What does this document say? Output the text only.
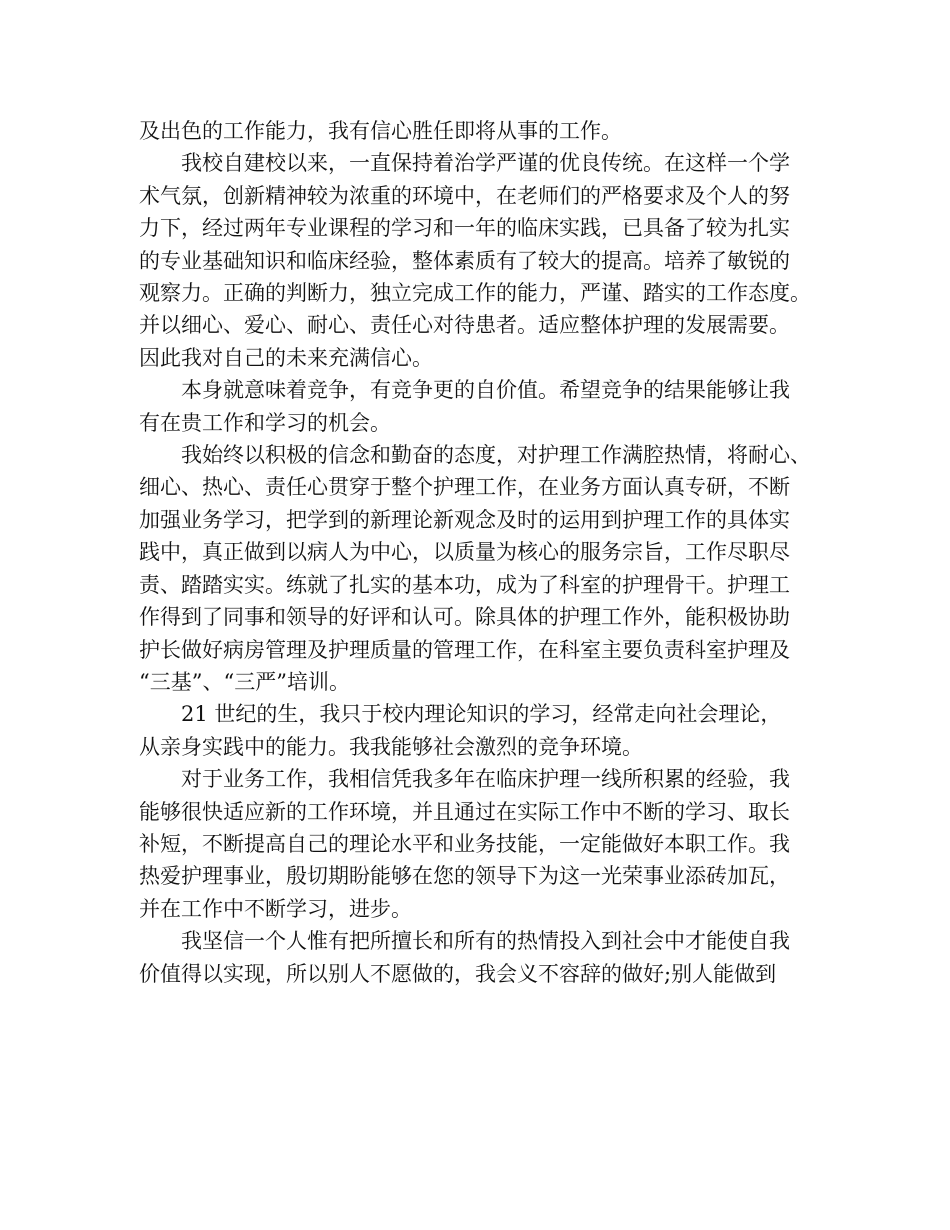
及出色的工作能力，我有信心胜任即将从事的工作。

我校自建校以来，一直保持着治学严谨的优良传统。在这样一个学
术气氛，创新精神较为浓重的环境中，在老师们的严格要求及个人的努
力下，经过两年专业课程的学习和一年的临床实践，已具备了较为扎实
的专业基础知识和临床经验，整体素质有了较大的提高。培养了敏锐的
观察力。正确的判断力，独立完成工作的能力，严谨、踏实的工作态度。
并以细心、爱心、耐心、责任心对待患者。适应整体护理的发展需要。
因此我对自己的未来充满信心。

本身就意味着竞争，有竞争更的自价值。希望竞争的结果能够让我
有在贵工作和学习的机会。

我始终以积极的信念和勤奋的态度，对护理工作满腔热情，将耐心、
细心、热心、责任心贯穿于整个护理工作，在业务方面认真专研，不断
加强业务学习，把学到的新理论新观念及时的运用到护理工作的具体实
践中，真正做到以病人为中心，以质量为核心的服务宗旨，工作尽职尽
责、踏踏实实。练就了扎实的基本功，成为了科室的护理骨干。护理工
作得到了同事和领导的好评和认可。除具体的护理工作外，能积极协助
护长做好病房管理及护理质量的管理工作，在科室主要负责科室护理及
“三基”、“三严”培训。

21 世纪的生，我只于校内理论知识的学习，经常走向社会理论，
从亲身实践中的能力。我我能够社会激烈的竞争环境。

对于业务工作，我相信凭我多年在临床护理一线所积累的经验，我
能够很快适应新的工作环境，并且通过在实际工作中不断的学习、取长
补短，不断提高自己的理论水平和业务技能，一定能做好本职工作。我
热爱护理事业，殷切期盼能够在您的领导下为这一光荣事业添砖加瓦，
并在工作中不断学习，进步。

我坚信一个人惟有把所擅长和所有的热情投入到社会中才能使自我
价值得以实现，所以别人不愿做的，我会义不容辞的做好;别人能做到
